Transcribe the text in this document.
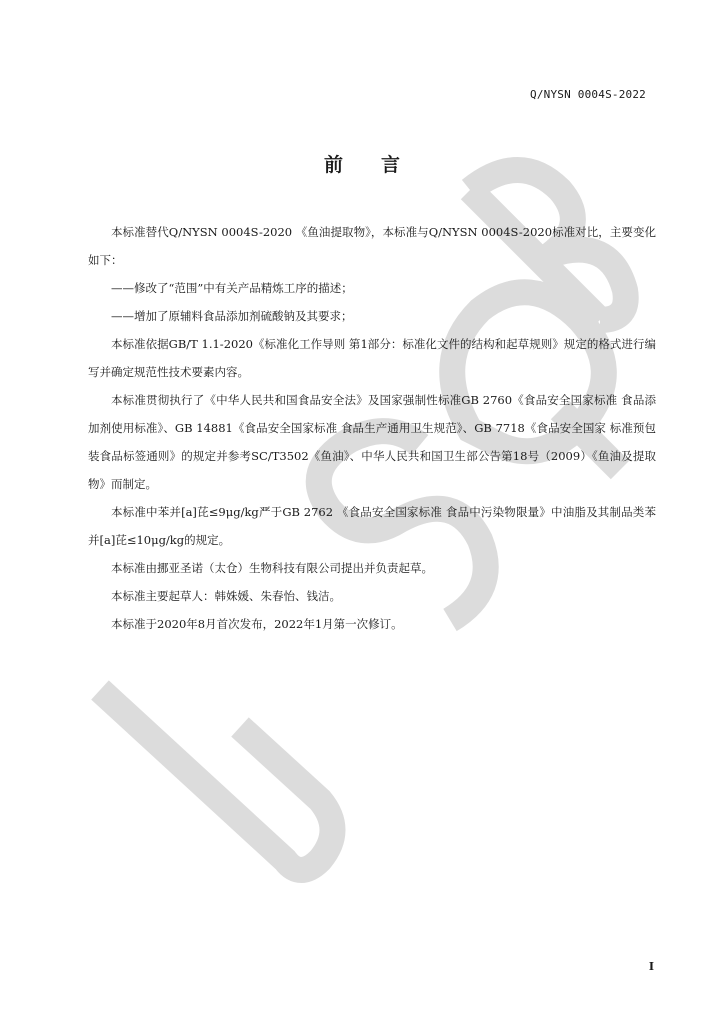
Q/NYSN 0004S-2022
前言

本标准替代Q/NYSN 0004S-2020 《鱼油提取物》，本标准与Q/NYSN 0004S-2020标准对比，主要变化如下：

——修改了“范围”中有关产品精炼工序的描述；

——增加了原辅料食品添加剂硫酸钠及其要求；

本标准依据GB/T 1.1-2020《标准化工作导则 第1部分：标准化文件的结构和起草规则》规定的格式进行编写并确定规范性技术要素内容。

本标准贯彻执行了《中华人民共和国食品安全法》及国家强制性标准GB 2760《食品安全国家标准 食品添加剂使用标准》、GB 14881《食品安全国家标准 食品生产通用卫生规范》、GB 7718《食品安全国家 标准预包装食品标签通则》的规定并参考SC/T3502《鱼油》、中华人民共和国卫生部公告第18号（2009）《鱼油及提取物》而制定。

本标准中苯并[a]芘≤9μg/kg严于GB 2762 《食品安全国家标准 食品中污染物限量》中油脂及其制品类苯并[a]芘≤10μg/kg的规定。

本标准由挪亚圣诺（太仓）生物科技有限公司提出并负责起草。

本标准主要起草人：韩姝媛、朱春怡、钱洁。

本标准于2020年8月首次发布，2022年1月第一次修订。

I
